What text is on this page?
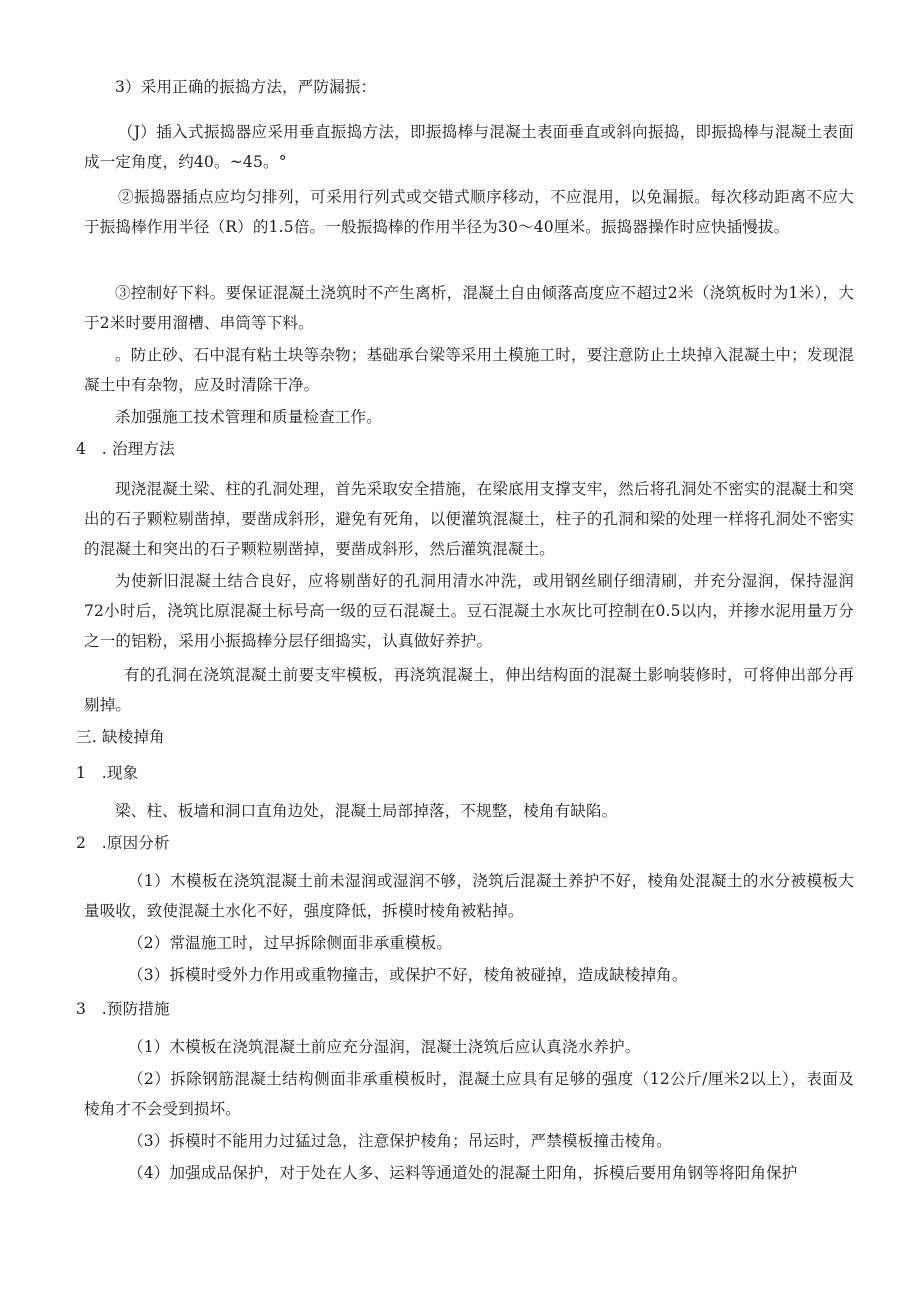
3）采用正确的振捣方法，严防漏振：

（J）插入式振捣器应采用垂直振捣方法，即振捣棒与混凝土表面垂直或斜向振捣，即振捣棒与混凝土表面成一定角度，约40。~45。°

②振捣器插点应均匀排列，可采用行列式或交错式顺序移动，不应混用，以免漏振。每次移动距离不应大于振捣棒作用半径（R）的1.5倍。一般振捣棒的作用半径为30～40厘米。振捣器操作时应快插慢拔。

③控制好下料。要保证混凝土浇筑时不产生离析，混凝土自由倾落高度应不超过2米（浇筑板时为1米），大于2米时要用溜槽、串筒等下料。

。防止砂、石中混有粘土块等杂物；基础承台梁等采用土模施工时，要注意防止土块掉入混凝土中；发现混凝土中有杂物，应及时清除干净。

杀加强施工技术管理和质量检查工作。

4　. 治理方法

现浇混凝土梁、柱的孔洞处理，首先采取安全措施，在梁底用支撑支牢，然后将孔洞处不密实的混凝土和突出的石子颗粒剔凿掉，要凿成斜形，避免有死角，以便灌筑混凝土，柱子的孔洞和梁的处理一样将孔洞处不密实的混凝土和突出的石子颗粒剔凿掉，要凿成斜形，然后灌筑混凝土。

为使新旧混凝土结合良好，应将剔凿好的孔洞用清水冲洗，或用钢丝刷仔细清刷，并充分湿润，保持湿润72小时后，浇筑比原混凝土标号高一级的豆石混凝土。豆石混凝土水灰比可控制在0.5以内，并掺水泥用量万分之一的铝粉，采用小振捣棒分层仔细捣实，认真做好养护。

有的孔洞在浇筑混凝土前要支牢模板，再浇筑混凝土，伸出结构面的混凝土影响装修时，可将伸出部分再剔掉。

三. 缺棱掉角

1　.现象

梁、柱、板墙和洞口直角边处，混凝土局部掉落，不规整，棱角有缺陷。

2　.原因分析

（1）木模板在浇筑混凝土前未湿润或湿润不够，浇筑后混凝土养护不好，棱角处混凝土的水分被模板大量吸收，致使混凝土水化不好，强度降低，拆模时棱角被粘掉。

（2）常温施工时，过早拆除侧面非承重模板。

（3）拆模时受外力作用或重物撞击，或保护不好，棱角被碰掉，造成缺棱掉角。

3　.预防措施

（1）木模板在浇筑混凝土前应充分湿润，混凝土浇筑后应认真浇水养护。

（2）拆除钢筋混凝土结构侧面非承重模板时，混凝土应具有足够的强度（12公斤/厘米2以上），表面及棱角才不会受到损坏。

（3）拆模时不能用力过猛过急，注意保护棱角；吊运时，严禁模板撞击棱角。

（4）加强成品保护，对于处在人多、运料等通道处的混凝土阳角，拆模后要用角钢等将阳角保护
